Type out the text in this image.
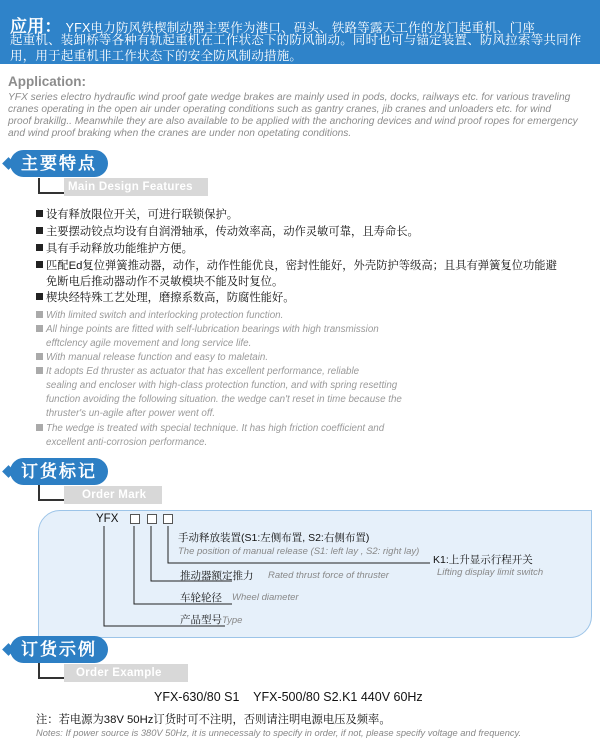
应用： YFX电力防风铁楔制动器主要作为港口、码头、铁路等露天工作的龙门起重机、门座
起重机、装卸桥等各种有轨起重机在工作状态下的防风制动。同时也可与锚定装置、防风拉索等共同作用，用于起重机非工作状态下的安全防风制动措施。
Application:
YFX series electro hydraufic wind proof gate wedge brakes are mainly used in pods, docks, railways etc. for various traveling
cranes operating in the open air under operating conditions such as gantry cranes, jib cranes and unloaders etc. for wind
proof brakillg.. Meanwhile they are also available to be applied with the anchoring devices and wind proof ropes for emergency
and wind proof braking when the cranes are under non opetating conditions.
主要特点
Main Design Features
设有释放限位开关，可进行联锁保护。
主要摆动铰点均设有自润滑轴承，传动效率高，动作灵敏可靠，且寿命长。
具有手动释放功能维护方便。
匹配Ed复位弹簧推动器，动作，动作性能优良，密封性能好，外壳防护等级高；且具有弹簧复位功能避
免断电后推动器动作不灵敏模块不能及时复位。
楔块经特殊工艺处理，磨擦系数高，防腐性能好。
With limited switch and interlocking protection function.
All hinge points are fitted with self-lubrication bearings with high transmission
efftclency agile movement and long service life.
With manual release function and easy to maletain.
It adopts Ed thruster as actuator that has excellent performance, reliable
sealing and encloser with high-class protection function, and with spring resetting
function avoiding the following situation. the wedge can't reset in time because the
thruster's un-agile after power went off.
The wedge is treated with special technique. It has high friction coefficient and
excellent anti-corrosion performance.
订货标记
Order Mark
YFX
手动释放装置(S1:左侧布置, S2:右侧布置)
The position of manual release (S1: left lay , S2: right lay)
K1:上升显示行程开关
Lifting display limit switch
推动器额定推力 Rated thrust force of thruster
车轮轮径 Wheel diameter
产品型号Type
订货示例
Order Example
YFX-630/80 S1    YFX-500/80 S2.K1 440V 60Hz
注：若电源为38V 50Hz订货时可不注明，否则请注明电源电压及频率。
Notes: If power source is 380V 50Hz, it is unnecessaly to specify in order, if not, please specify voltage and frequency.
